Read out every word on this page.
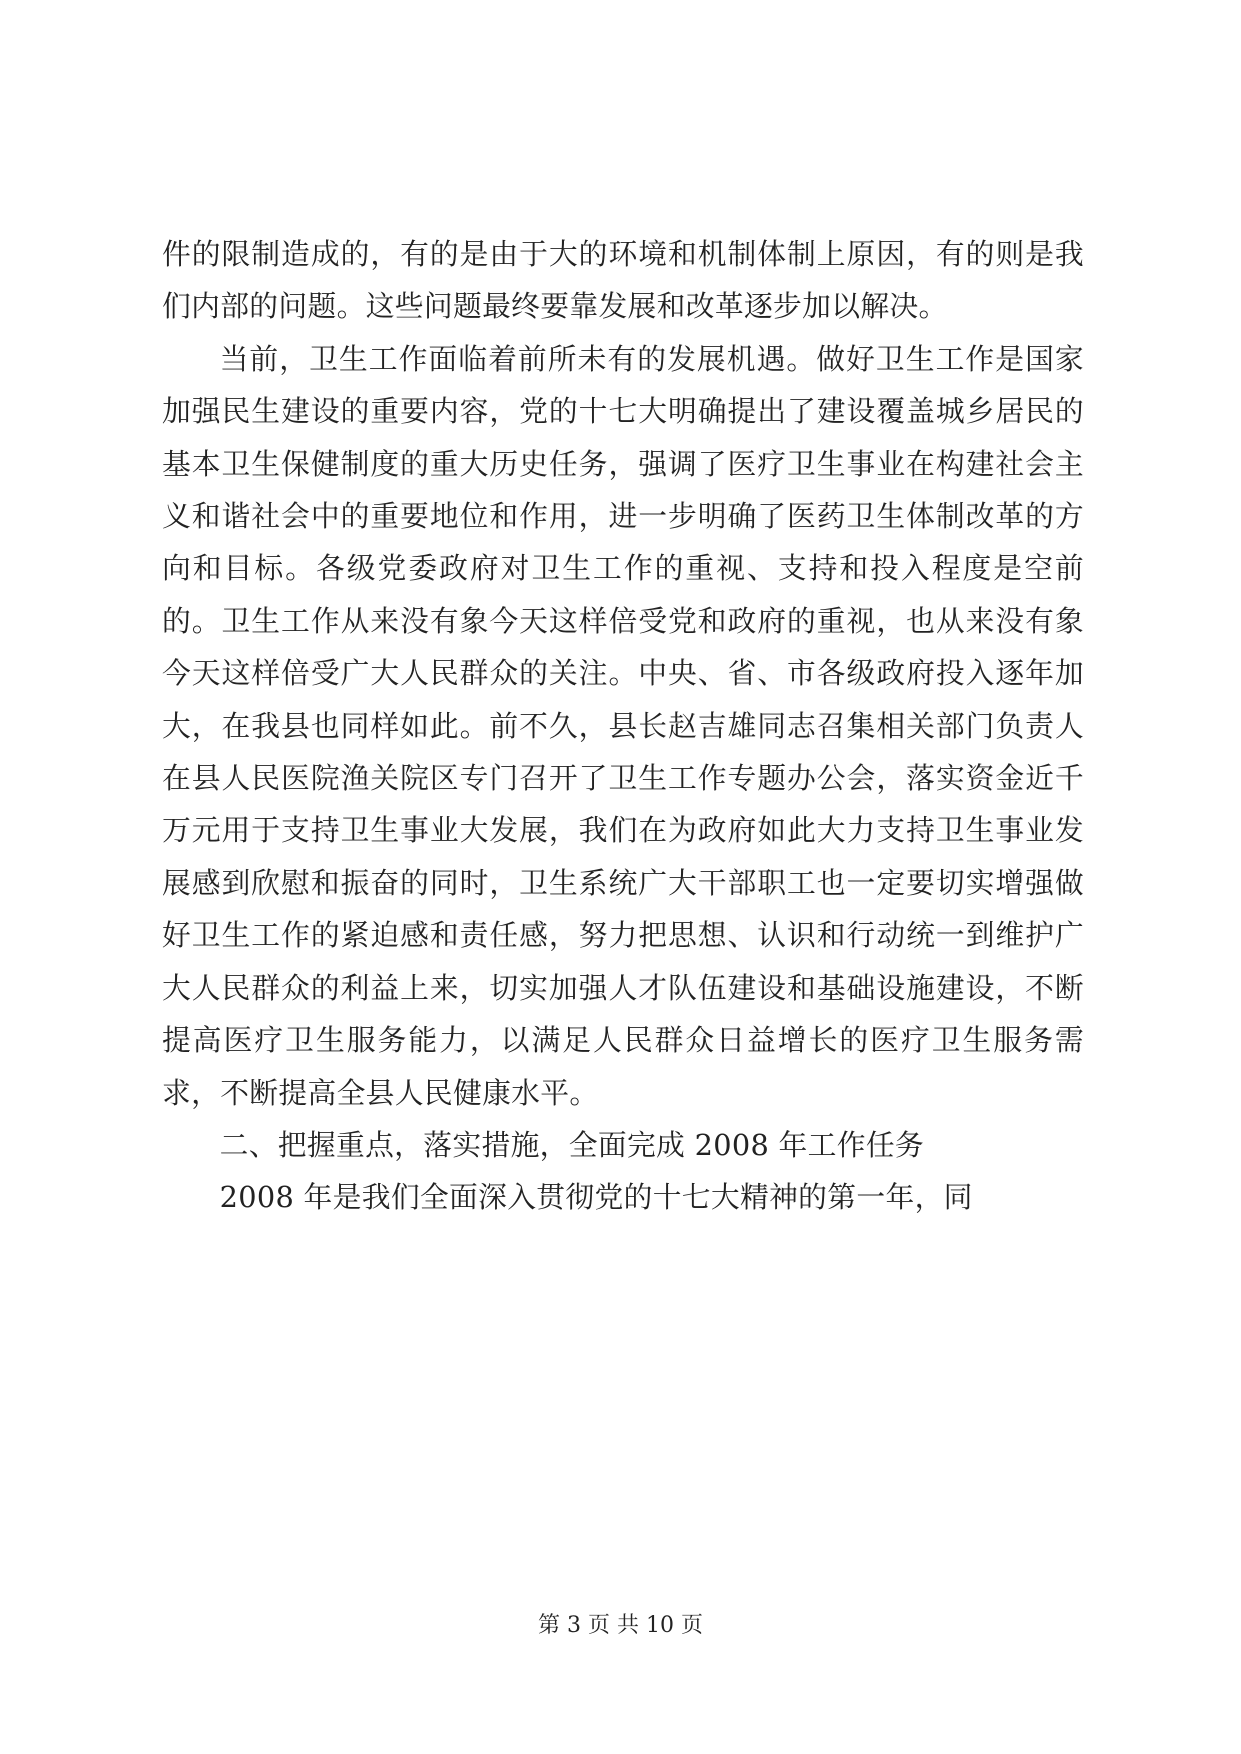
件的限制造成的，有的是由于大的环境和机制体制上原因，有的则是我们内部的问题。这些问题最终要靠发展和改革逐步加以解决。

当前，卫生工作面临着前所未有的发展机遇。做好卫生工作是国家加强民生建设的重要内容，党的十七大明确提出了建设覆盖城乡居民的基本卫生保健制度的重大历史任务，强调了医疗卫生事业在构建社会主义和谐社会中的重要地位和作用，进一步明确了医药卫生体制改革的方向和目标。各级党委政府对卫生工作的重视、支持和投入程度是空前的。卫生工作从来没有象今天这样倍受党和政府的重视，也从来没有象今天这样倍受广大人民群众的关注。中央、省、市各级政府投入逐年加大，在我县也同样如此。前不久，县长赵吉雄同志召集相关部门负责人在县人民医院渔关院区专门召开了卫生工作专题办公会，落实资金近千万元用于支持卫生事业大发展，我们在为政府如此大力支持卫生事业发展感到欣慰和振奋的同时，卫生系统广大干部职工也一定要切实增强做好卫生工作的紧迫感和责任感，努力把思想、认识和行动统一到维护广大人民群众的利益上来，切实加强人才队伍建设和基础设施建设，不断提高医疗卫生服务能力，以满足人民群众日益增长的医疗卫生服务需求，不断提高全县人民健康水平。

二、把握重点，落实措施，全面完成 2008 年工作任务

2008 年是我们全面深入贯彻党的十七大精神的第一年，同

第 3 页 共 10 页
